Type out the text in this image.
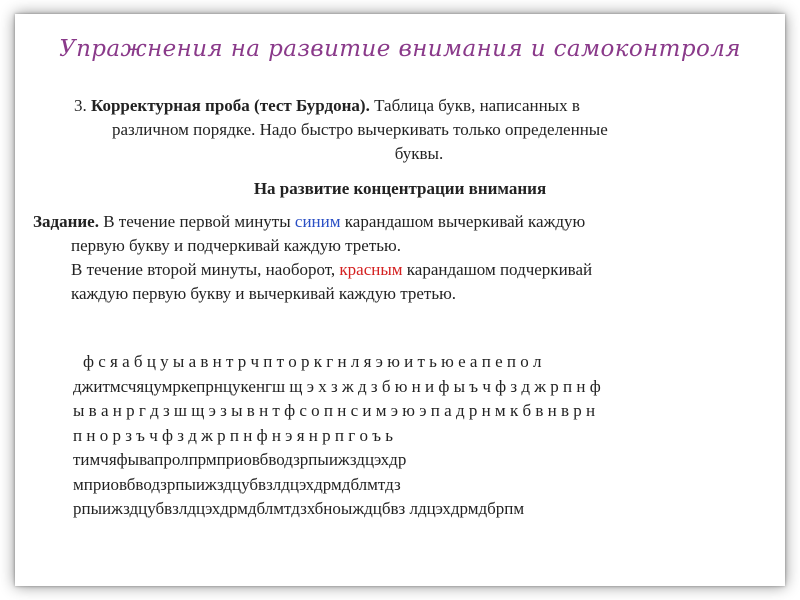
Упражнения на развитие внимания и самоконтроля
3. Корректурная проба (тест Бурдона). Таблица букв, написанных в
различном порядке. Надо быстро вычеркивать только определенные
буквы.
На развитие концентрации внимания
Задание. В течение первой минуты синим карандашом вычеркивай каждую
первую букву и подчеркивай каждую третью.
В течение второй минуты, наоборот, красным карандашом подчеркивай
каждую первую букву и вычеркивай каждую третью.
ф с я а б ц у ы а в н т р ч п т о р к г н л я э ю и т ь ю е а п е п о л
джитмсчяцумркепрнцукенгш щ э х з ж д з б ю н и ф ы ъ ч ф з д ж р п н ф
ы в а н р г д з ш щ э з ы в н т ф с о п н с и м э ю э п а д р н м к б в н в р н
п н о р з ъ ч ф з д ж р п н ф н э я н р п г о ъ ь
тимчяфывапролпрмприовбводзрпыижздцэхдр
мприовбводзрпыижздцубвзлдцэхдрмдблмтдз
рпыижздцубвзлдцэхдрмдблмтдзхбноыждцбвз лдцэхдрмдбрпм
